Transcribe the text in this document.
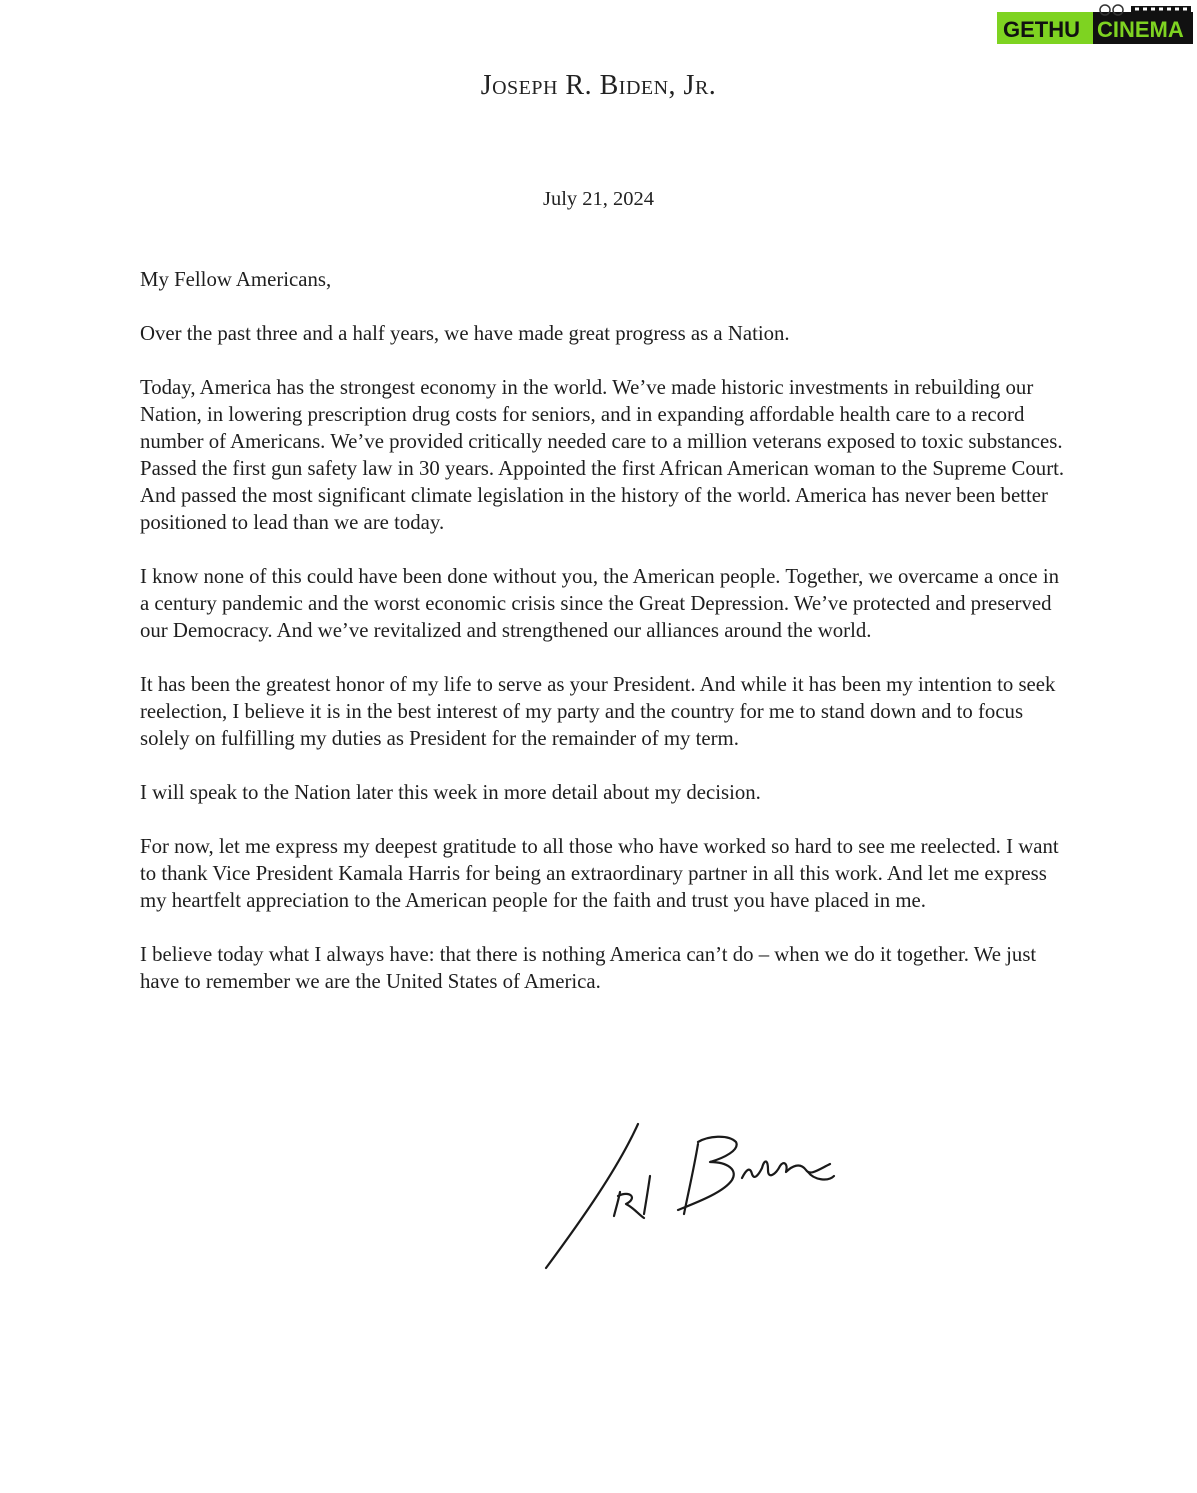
GETHU CINEMA
Joseph R. Biden, Jr.
July 21, 2024

My Fellow Americans,

Over the past three and a half years, we have made great progress as a Nation.

Today, America has the strongest economy in the world. We’ve made historic investments in rebuilding our Nation, in lowering prescription drug costs for seniors, and in expanding affordable health care to a record number of Americans. We’ve provided critically needed care to a million veterans exposed to toxic substances. Passed the first gun safety law in 30 years. Appointed the first African American woman to the Supreme Court. And passed the most significant climate legislation in the history of the world. America has never been better positioned to lead than we are today.

I know none of this could have been done without you, the American people. Together, we overcame a once in a century pandemic and the worst economic crisis since the Great Depression. We’ve protected and preserved our Democracy. And we’ve revitalized and strengthened our alliances around the world.

It has been the greatest honor of my life to serve as your President. And while it has been my intention to seek reelection, I believe it is in the best interest of my party and the country for me to stand down and to focus solely on fulfilling my duties as President for the remainder of my term.

I will speak to the Nation later this week in more detail about my decision.

For now, let me express my deepest gratitude to all those who have worked so hard to see me reelected. I want to thank Vice President Kamala Harris for being an extraordinary partner in all this work. And let me express my heartfelt appreciation to the American people for the faith and trust you have placed in me.

I believe today what I always have: that there is nothing America can’t do – when we do it together. We just have to remember we are the United States of America.
